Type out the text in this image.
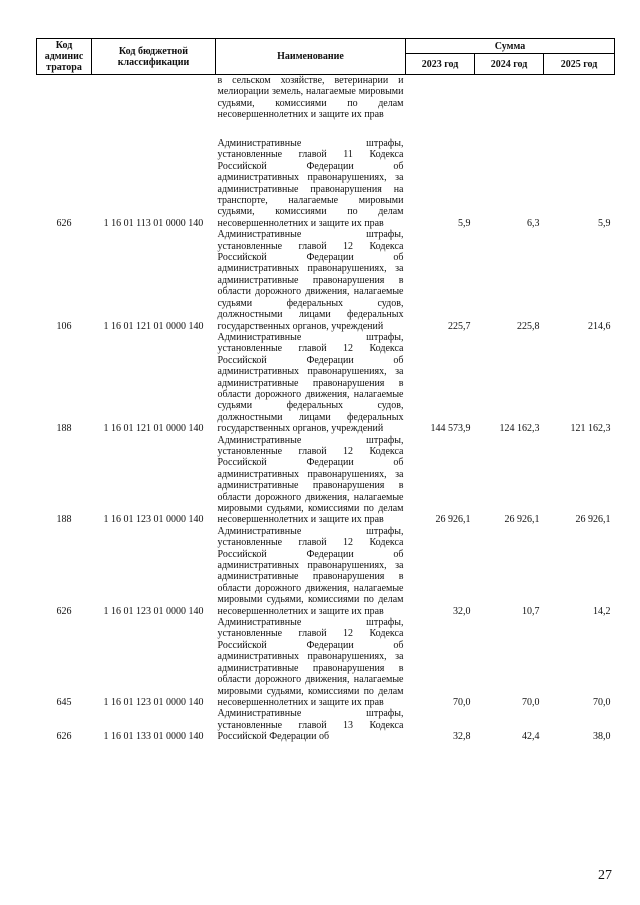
Код
админис
тратора	Код бюджетной
классификации	Наименование	Сумма		
			2023 год	2024 год	2025 год
		в сельском хозяйстве, ветеринарии и мелиорации земель, налагаемые мировыми судьями, комиссиями по делам несовершеннолетних и защите их прав			
626	1 16 01 113 01 0000 140	Административные штрафы, установленные главой 11 Кодекса Российской Федерации об административных правонарушениях, за административные правонарушения на транспорте, налагаемые мировыми судьями, комиссиями по делам несовершеннолетних и защите их прав	5,9	6,3	5,9
106	1 16 01 121 01 0000 140	Административные штрафы, установленные главой 12 Кодекса Российской Федерации об административных правонарушениях, за административные правонарушения в области дорожного движения, налагаемые судьями федеральных судов, должностными лицами федеральных государственных органов, учреждений	225,7	225,8	214,6
188	1 16 01 121 01 0000 140	Административные штрафы, установленные главой 12 Кодекса Российской Федерации об административных правонарушениях, за административные правонарушения в области дорожного движения, налагаемые судьями федеральных судов, должностными лицами федеральных государственных органов, учреждений	144 573,9	124 162,3	121 162,3
188	1 16 01 123 01 0000 140	Административные штрафы, установленные главой 12 Кодекса Российской Федерации об административных правонарушениях, за административные правонарушения в области дорожного движения, налагаемые мировыми судьями, комиссиями по делам несовершеннолетних и защите их прав	26 926,1	26 926,1	26 926,1
626	1 16 01 123 01 0000 140	Административные штрафы, установленные главой 12 Кодекса Российской Федерации об административных правонарушениях, за административные правонарушения в области дорожного движения, налагаемые мировыми судьями, комиссиями по делам несовершеннолетних и защите их прав	32,0	10,7	14,2
645	1 16 01 123 01 0000 140	Административные штрафы, установленные главой 12 Кодекса Российской Федерации об административных правонарушениях, за административные правонарушения в области дорожного движения, налагаемые мировыми судьями, комиссиями по делам несовершеннолетних и защите их прав	70,0	70,0	70,0
626	1 16 01 133 01 0000 140	Административные штрафы, установленные главой 13 Кодекса Российской Федерации об	32,8	42,4	38,0
27
